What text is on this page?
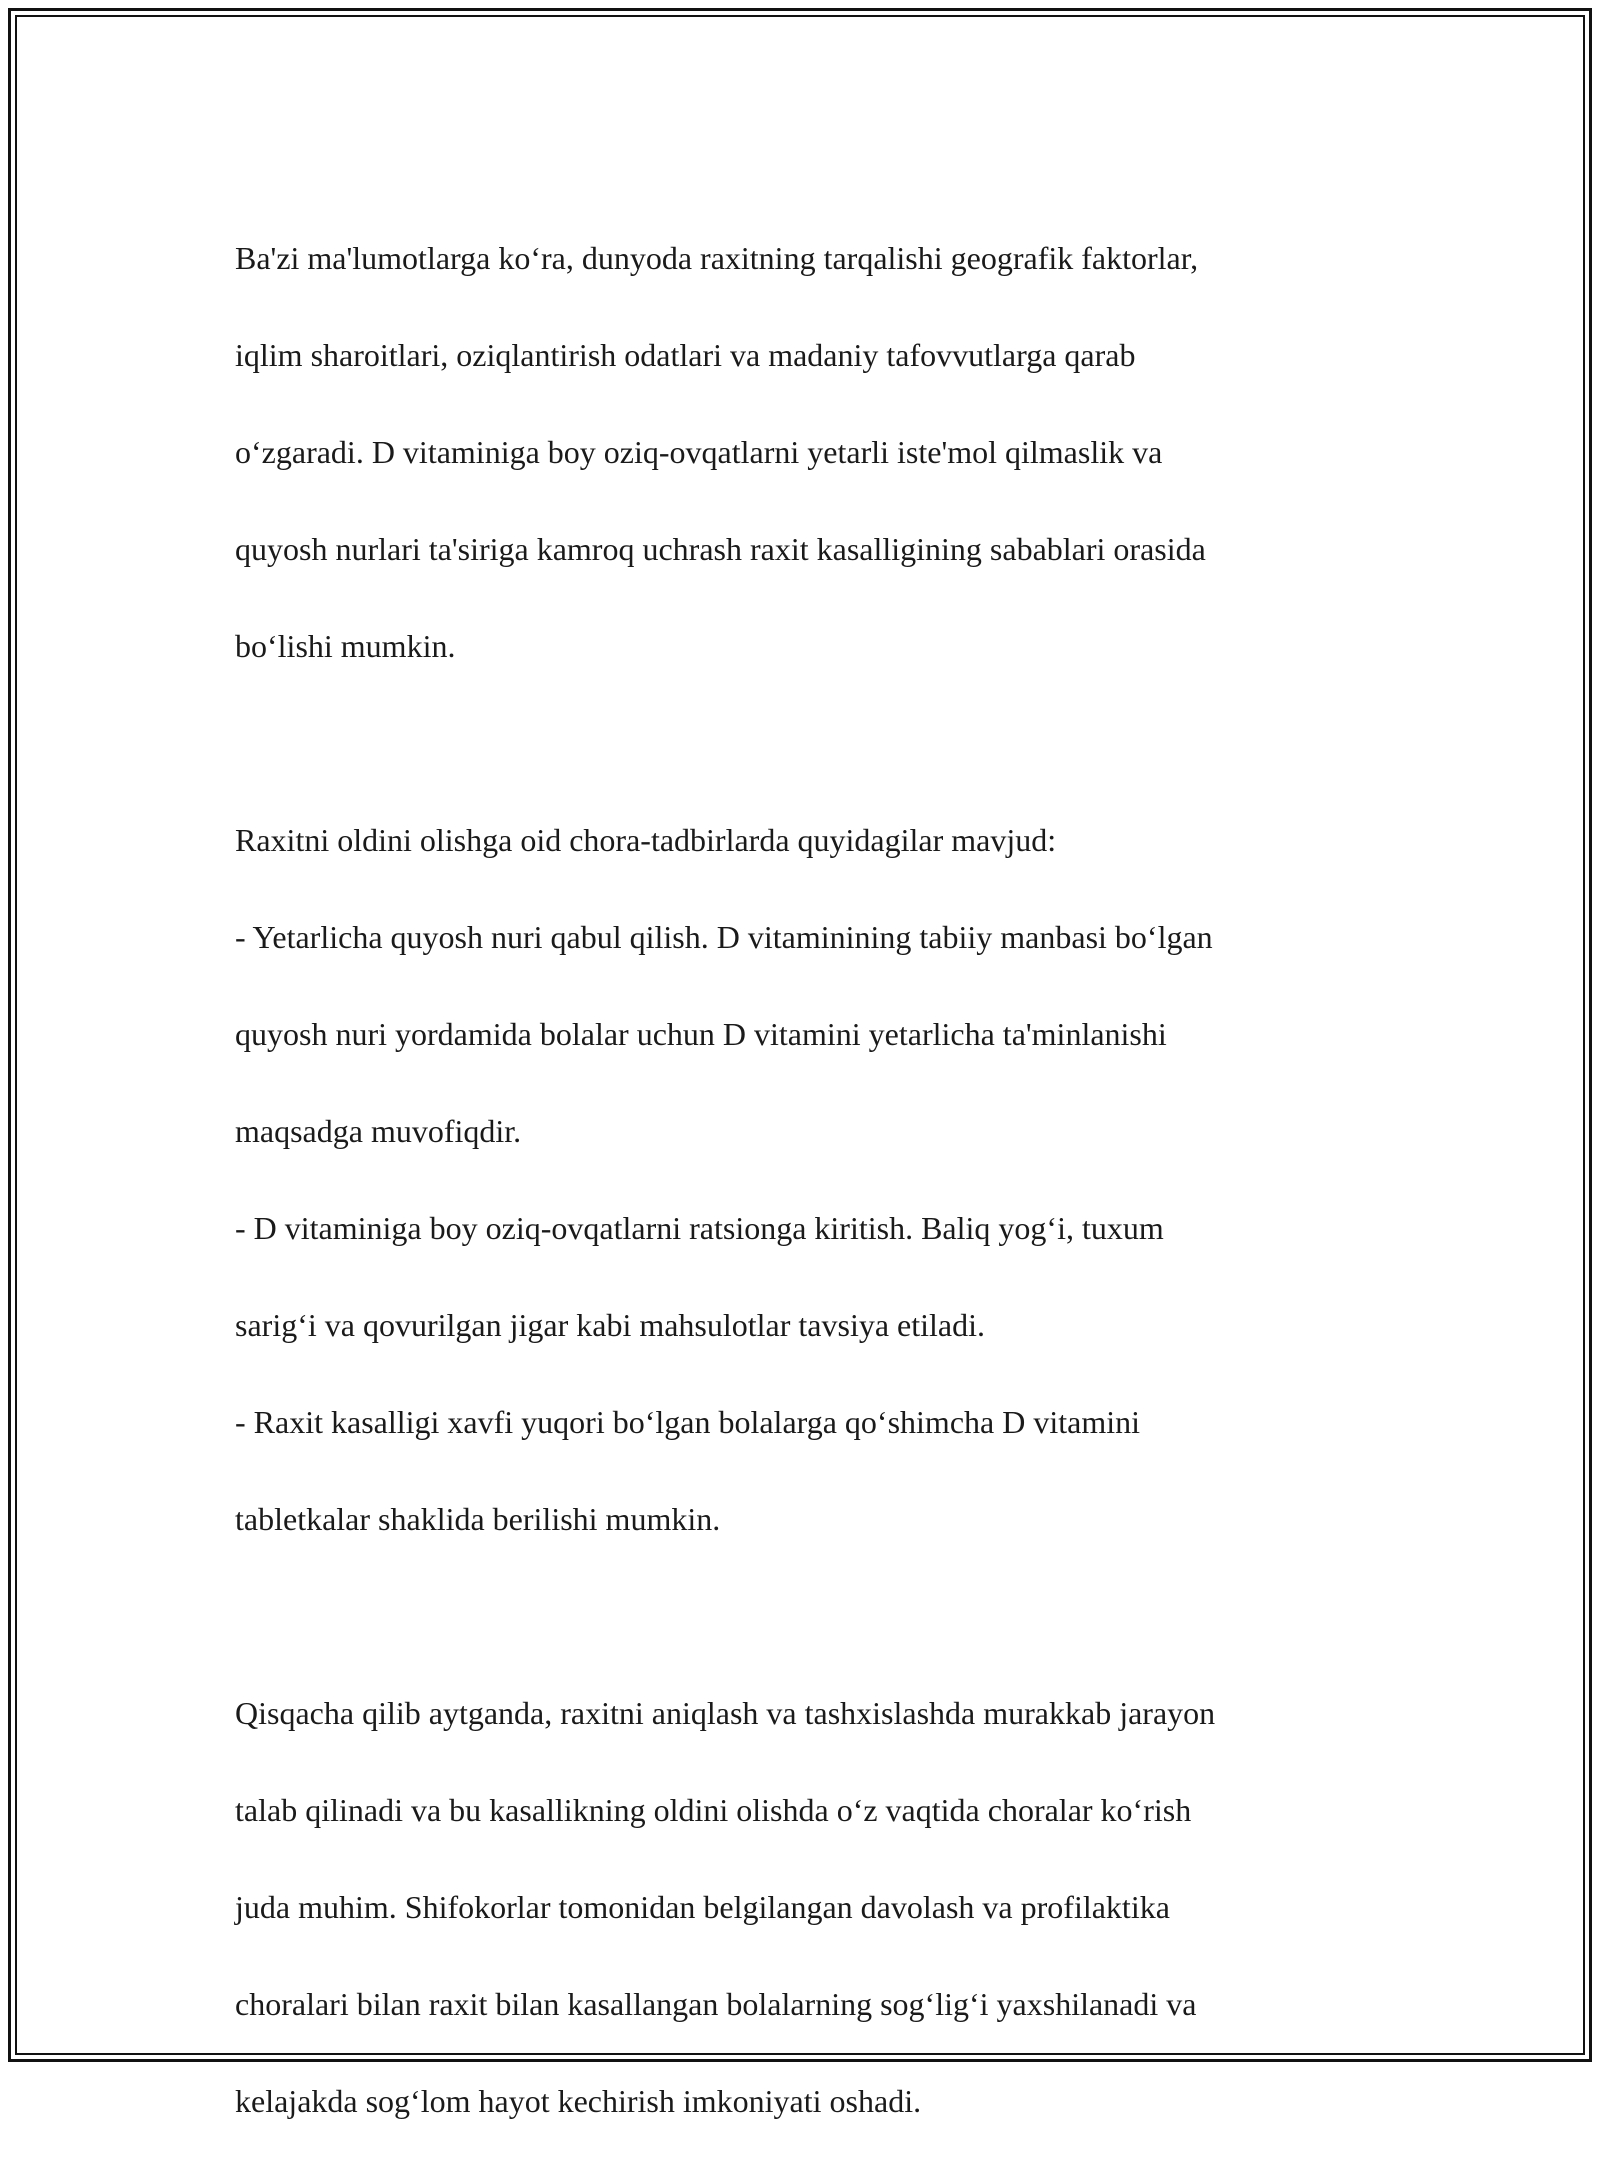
Ba'zi ma'lumotlarga ko‘ra, dunyoda raxitning tarqalishi geografik faktorlar,

iqlim sharoitlari, oziqlantirish odatlari va madaniy tafovvutlarga qarab

o‘zgaradi. D vitaminiga boy oziq-ovqatlarni yetarli iste'mol qilmaslik va

quyosh nurlari ta'siriga kamroq uchrash raxit kasalligining sabablari orasida

bo‘lishi mumkin.

Raxitni oldini olishga oid chora-tadbirlarda quyidagilar mavjud:

- Yetarlicha quyosh nuri qabul qilish. D vitaminining tabiiy manbasi bo‘lgan

quyosh nuri yordamida bolalar uchun D vitamini yetarlicha ta'minlanishi

maqsadga muvofiqdir.

- D vitaminiga boy oziq-ovqatlarni ratsionga kiritish. Baliq yog‘i, tuxum

sarig‘i va qovurilgan jigar kabi mahsulotlar tavsiya etiladi.

- Raxit kasalligi xavfi yuqori bo‘lgan bolalarga qo‘shimcha D vitamini

tabletkalar shaklida berilishi mumkin.

Qisqacha qilib aytganda, raxitni aniqlash va tashxislashda murakkab jarayon

talab qilinadi va bu kasallikning oldini olishda o‘z vaqtida choralar ko‘rish

juda muhim. Shifokorlar tomonidan belgilangan davolash va profilaktika

choralari bilan raxit bilan kasallangan bolalarning sog‘lig‘i yaxshilanadi va

kelajakda sog‘lom hayot kechirish imkoniyati oshadi.
